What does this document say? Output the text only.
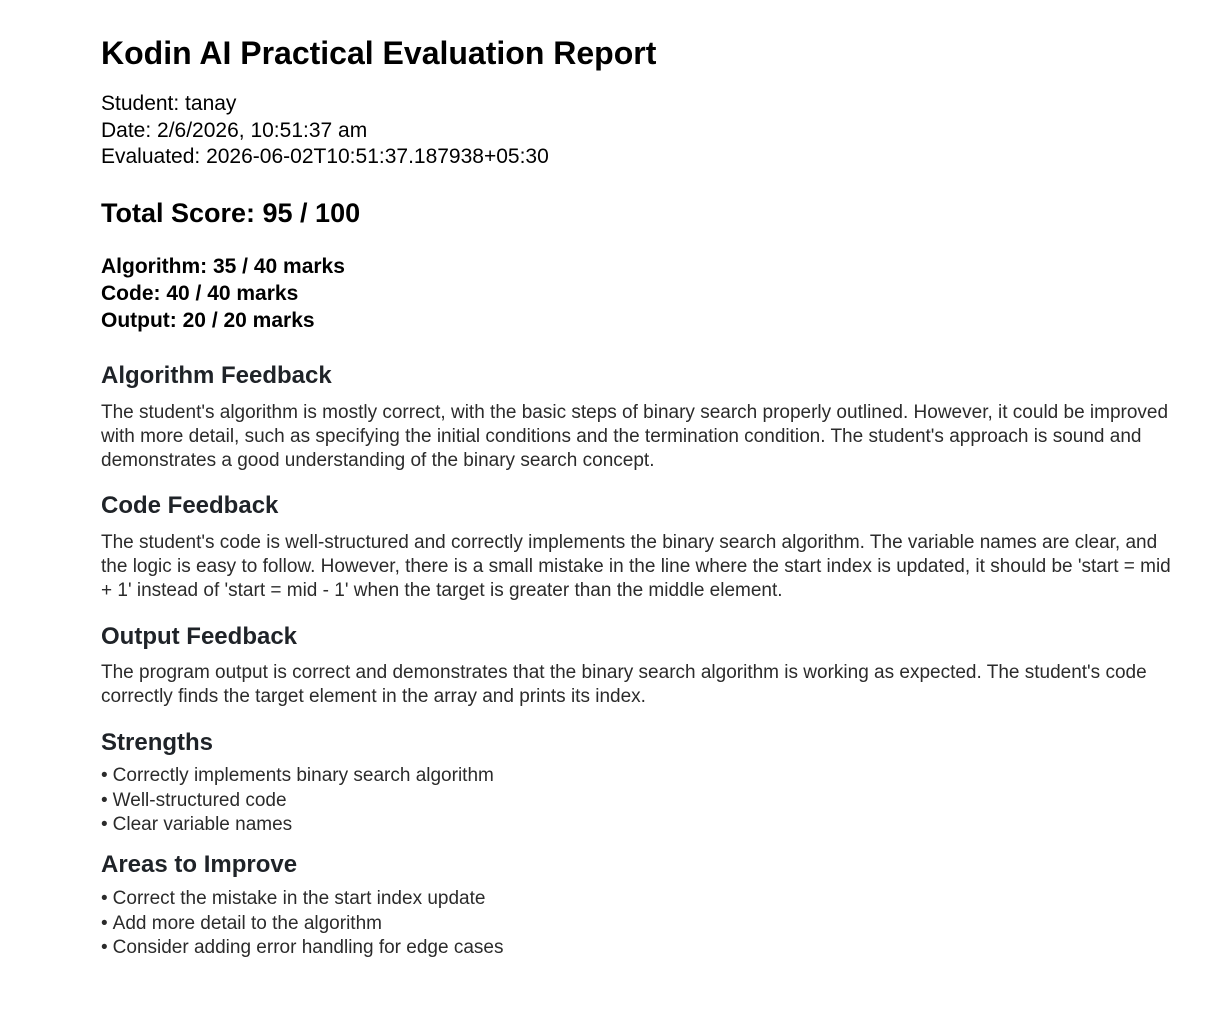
Kodin AI Practical Evaluation Report
Student: tanay
Date: 2/6/2026, 10:51:37 am
Evaluated: 2026-06-02T10:51:37.187938+05:30
Total Score: 95 / 100
Algorithm: 35 / 40 marks
Code: 40 / 40 marks
Output: 20 / 20 marks
Algorithm Feedback

The student's algorithm is mostly correct, with the basic steps of binary search properly outlined. However, it could be improved with more detail, such as specifying the initial conditions and the termination condition. The student's approach is sound and demonstrates a good understanding of the binary search concept.

Code Feedback

The student's code is well-structured and correctly implements the binary search algorithm. The variable names are clear, and the logic is easy to follow. However, there is a small mistake in the line where the start index is updated, it should be 'start = mid + 1' instead of 'start = mid - 1' when the target is greater than the middle element.

Output Feedback

The program output is correct and demonstrates that the binary search algorithm is working as expected. The student's code correctly finds the target element in the array and prints its index.

Strengths
• Correctly implements binary search algorithm
• Well-structured code
• Clear variable names
Areas to Improve
• Correct the mistake in the start index update
• Add more detail to the algorithm
• Consider adding error handling for edge cases
